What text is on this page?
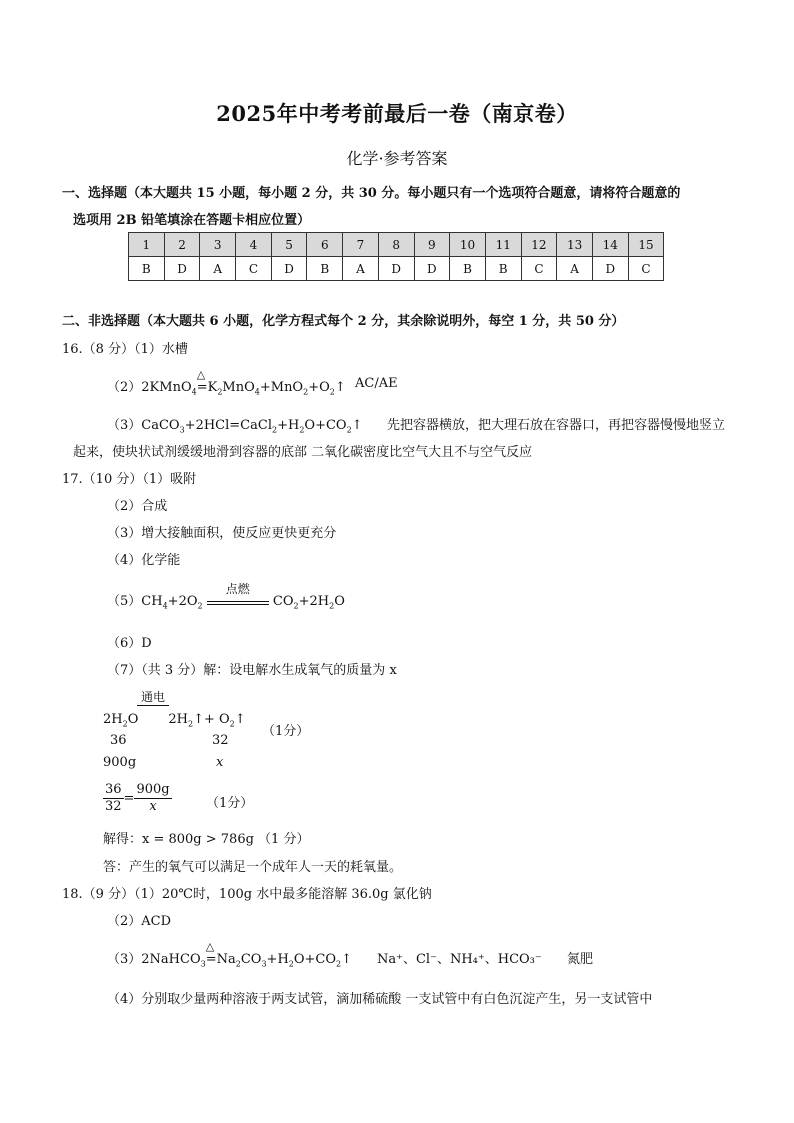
2025年中考考前最后一卷（南京卷）
化学·参考答案
一、选择题（本大题共 15 小题，每小题 2 分，共 30 分。每小题只有一个选项符合题意，请将符合题意的
选项用 2B 铅笔填涂在答题卡相应位置）
1	2	3	4	5	6	7	8	9	10	11	12	13	14	15
B	D	A	C	D	B	A	D	D	B	B	C	A	D	C
二、非选择题（本大题共 6 小题，化学方程式每个 2 分，其余除说明外，每空 1 分，共 50 分）
16.（8 分）（1）水槽
（2）2KMnO$_4$
△
$=K_2MnO_4+MnO_2+O_2↑$ AC/AE
$(3)CaCO_3+2HCl=CaCl_2+H_2O+CO_2↑$ 先把容器横放，把大理石放在容器口，再把容器慢慢地竖立
起来，使块状试剂缓缓地滑到容器的底部 二氧化碳密度比空气大且不与空气反应
17.（10 分）（1）吸附
（2）合成
（3）增大接触面积，使反应更快更充分
（4）化学能
$(5)CH_4+2O_2$
点燃
$CO_2+2H_2O$
（6）D
（7）（共 3 分）解：设电解水生成氧气的质量为 x
通电
$2H_2O$ $2H_2↑+$ $O_2↑$
（1分）
36	32
900g	x
$\frac{36}{32} = \frac{900g}{x}$	（1分）
解得：x = 800g > 786g （1 分）
答：产生的氧气可以满足一个成年人一天的耗氧量。
18.（9 分）（1）20℃时，100g 水中最多能溶解 36.0g 氯化钠
（2）ACD
（3）2NaHCO$_3$
△
$=Na_2CO_3+H_2O+CO_2↑$ Na⁺、Cl⁻、NH₄⁺、HCO₃⁻ 氮肥
（4）分别取少量两种溶液于两支试管，滴加稀硫酸 一支试管中有白色沉淀产生，另一支试管中
